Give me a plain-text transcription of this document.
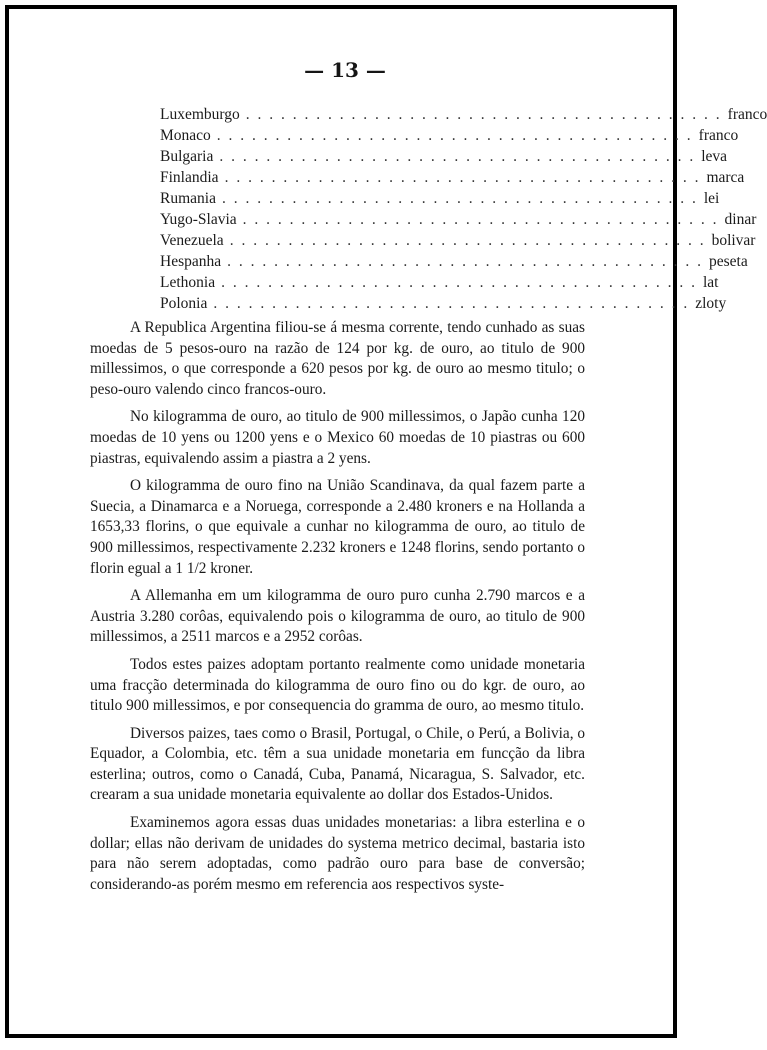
— 13 —
Luxemburgo . . . . . . . . . . . . . . . . . . . . . . . . . . . . . . . . . . . . . . . . . franco
Monaco . . . . . . . . . . . . . . . . . . . . . . . . . . . . . . . . . . . . . . . . . franco
Bulgaria . . . . . . . . . . . . . . . . . . . . . . . . . . . . . . . . . . . . . . . . . leva
Finlandia . . . . . . . . . . . . . . . . . . . . . . . . . . . . . . . . . . . . . . . . . marca
Rumania . . . . . . . . . . . . . . . . . . . . . . . . . . . . . . . . . . . . . . . . . lei
Yugo-Slavia . . . . . . . . . . . . . . . . . . . . . . . . . . . . . . . . . . . . . . . . . dinar
Venezuela . . . . . . . . . . . . . . . . . . . . . . . . . . . . . . . . . . . . . . . . . bolivar
Hespanha . . . . . . . . . . . . . . . . . . . . . . . . . . . . . . . . . . . . . . . . . peseta
Lethonia . . . . . . . . . . . . . . . . . . . . . . . . . . . . . . . . . . . . . . . . . lat
Polonia . . . . . . . . . . . . . . . . . . . . . . . . . . . . . . . . . . . . . . . . . zloty

A Republica Argentina filiou-se á mesma corrente, tendo cunhado as suas moedas de 5 pesos-ouro na razão de 124 por kg. de ouro, ao titulo de 900 millessimos, o que corresponde a 620 pesos por kg. de ouro ao mesmo titulo; o peso-ouro valendo cinco francos-ouro.

No kilogramma de ouro, ao titulo de 900 millessimos, o Japão cunha 120 moedas de 10 yens ou 1200 yens e o Mexico 60 moedas de 10 piastras ou 600 piastras, equivalendo assim a piastra a 2 yens.

O kilogramma de ouro fino na União Scandinava, da qual fazem parte a Suecia, a Dinamarca e a Noruega, corresponde a 2.480 kroners e na Hollanda a 1653,33 florins, o que equivale a cunhar no kilogramma de ouro, ao titulo de 900 millessimos, respectivamente 2.232 kroners e 1248 florins, sendo portanto o florin egual a 1 1/2 kroner.

A Allemanha em um kilogramma de ouro puro cunha 2.790 marcos e a Austria 3.280 corôas, equivalendo pois o kilogramma de ouro, ao titulo de 900 millessimos, a 2511 marcos e a 2952 corôas.

Todos estes paizes adoptam portanto realmente como unidade monetaria uma fracção determinada do kilogramma de ouro fino ou do kgr. de ouro, ao titulo 900 millessimos, e por consequencia do gramma de ouro, ao mesmo titulo.

Diversos paizes, taes como o Brasil, Portugal, o Chile, o Perú, a Bolivia, o Equador, a Colombia, etc. têm a sua unidade monetaria em funcção da libra esterlina; outros, como o Canadá, Cuba, Panamá, Nicaragua, S. Salvador, etc. crearam a sua unidade monetaria equivalente ao dollar dos Estados-Unidos.

Examinemos agora essas duas unidades monetarias: a libra esterlina e o dollar; ellas não derivam de unidades do systema metrico decimal, bastaria isto para não serem adoptadas, como padrão ouro para base de conversão; considerando-as porém mesmo em referencia aos respectivos syste-
